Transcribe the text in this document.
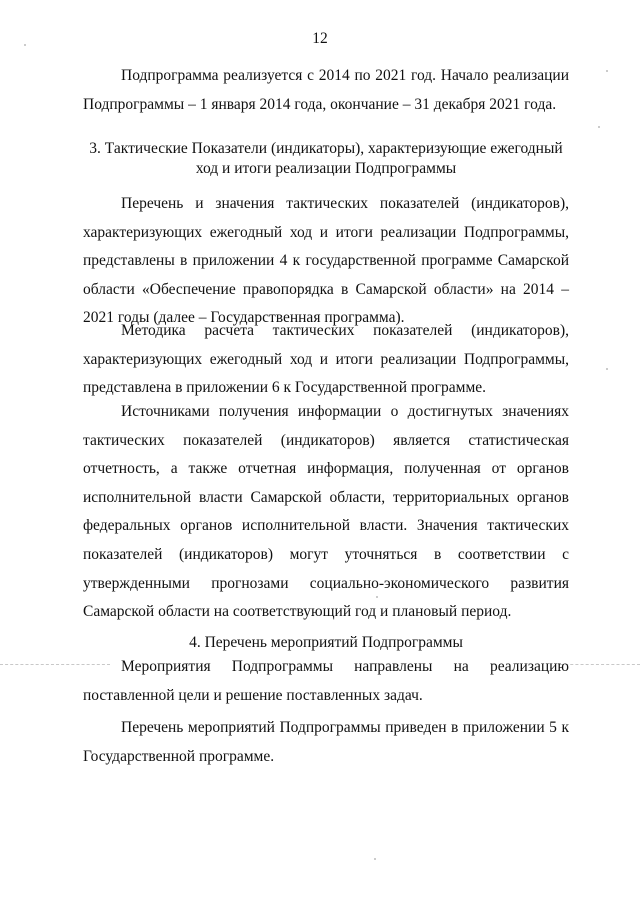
12

Подпрограмма реализуется с 2014 по 2021 год. Начало реализации Подпрограммы – 1 января 2014 года, окончание – 31 декабря 2021 года.

3. Тактические Показатели (индикаторы), характеризующие ежегодный
ход и итоги реализации Подпрограммы

Перечень и значения тактических показателей (индикаторов), характеризующих ежегодный ход и итоги реализации Подпрограммы, представлены в приложении 4 к государственной программе Самарской области «Обеспечение правопорядка в Самарской области» на 2014 – 2021 годы (далее – Государственная программа).

Методика расчета тактических показателей (индикаторов), характеризующих ежегодный ход и итоги реализации Подпрограммы, представлена в приложении 6 к Государственной программе.

Источниками получения информации о достигнутых значениях тактических показателей (индикаторов) является статистическая отчетность, а также отчетная информация, полученная от органов исполнительной власти Самарской области, территориальных органов федеральных органов исполнительной власти. Значения тактических показателей (индикаторов) могут уточняться в соответствии с утвержденными прогнозами социально-экономического развития Самарской области на соответствующий год и плановый период.

4. Перечень мероприятий Подпрограммы

Мероприятия Подпрограммы направлены на реализацию поставленной цели и решение поставленных задач.

Перечень мероприятий Подпрограммы приведен в приложении 5 к Государственной программе.
